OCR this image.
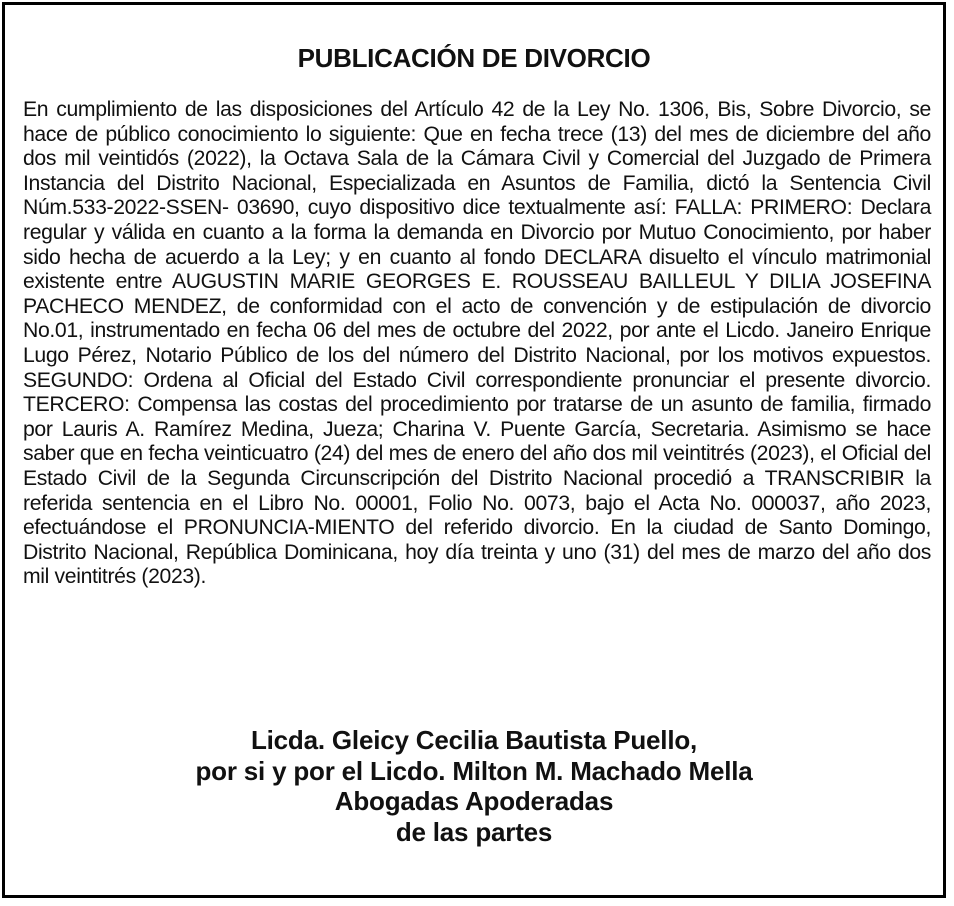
PUBLICACIÓN DE DIVORCIO

En cumplimiento de las disposiciones del Artículo 42 de la Ley No. 1306, Bis, Sobre Divorcio, se hace de público conocimiento lo siguiente: Que en fecha trece (13) del mes de diciembre del año dos mil veintidós (2022), la Octava Sala de la Cámara Civil y Comercial del Juzgado de Primera Instancia del Distrito Nacional, Especializada en Asuntos de Familia, dictó la Sentencia Civil Núm.533-2022-SSEN- 03690, cuyo dispositivo dice textualmente así: FALLA: PRIMERO: Declara regular y válida en cuanto a la forma la demanda en Divorcio por Mutuo Conocimiento, por haber sido hecha de acuerdo a la Ley; y en cuanto al fondo DECLARA disuelto el vínculo matrimonial existente entre AUGUSTIN MARIE GEORGES E. ROUSSEAU BAILLEUL Y DILIA JOSEFINA PACHECO MENDEZ, de conformidad con el acto de convención y de estipulación de divorcio No.01, instrumentado en fecha 06 del mes de octubre del 2022, por ante el Licdo. Janeiro Enrique Lugo Pérez, Notario Público de los del número del Distrito Nacional, por los motivos expuestos. SEGUNDO: Ordena al Oficial del Estado Civil correspondiente pronunciar el presente divorcio. TERCERO: Compensa las costas del procedimiento por tratarse de un asunto de familia, firmado por Lauris A. Ramírez Medina, Jueza; Charina V. Puente García, Secretaria. Asimismo se hace saber que en fecha veinticuatro (24) del mes de enero del año dos mil veintitrés (2023), el Oficial del Estado Civil de la Segunda Circunscripción del Distrito Nacional procedió a TRANSCRIBIR la referida sentencia en el Libro No. 00001, Folio No. 0073, bajo el Acta No. 000037, año 2023, efectuándose el PRONUNCIA-MIENTO del referido divorcio. En la ciudad de Santo Domingo, Distrito Nacional, República Dominicana, hoy día treinta y uno (31) del mes de marzo del año dos mil veintitrés (2023).

Licda. Gleicy Cecilia Bautista Puello,
por si y por el Licdo. Milton M. Machado Mella
Abogadas Apoderadas
de las partes
